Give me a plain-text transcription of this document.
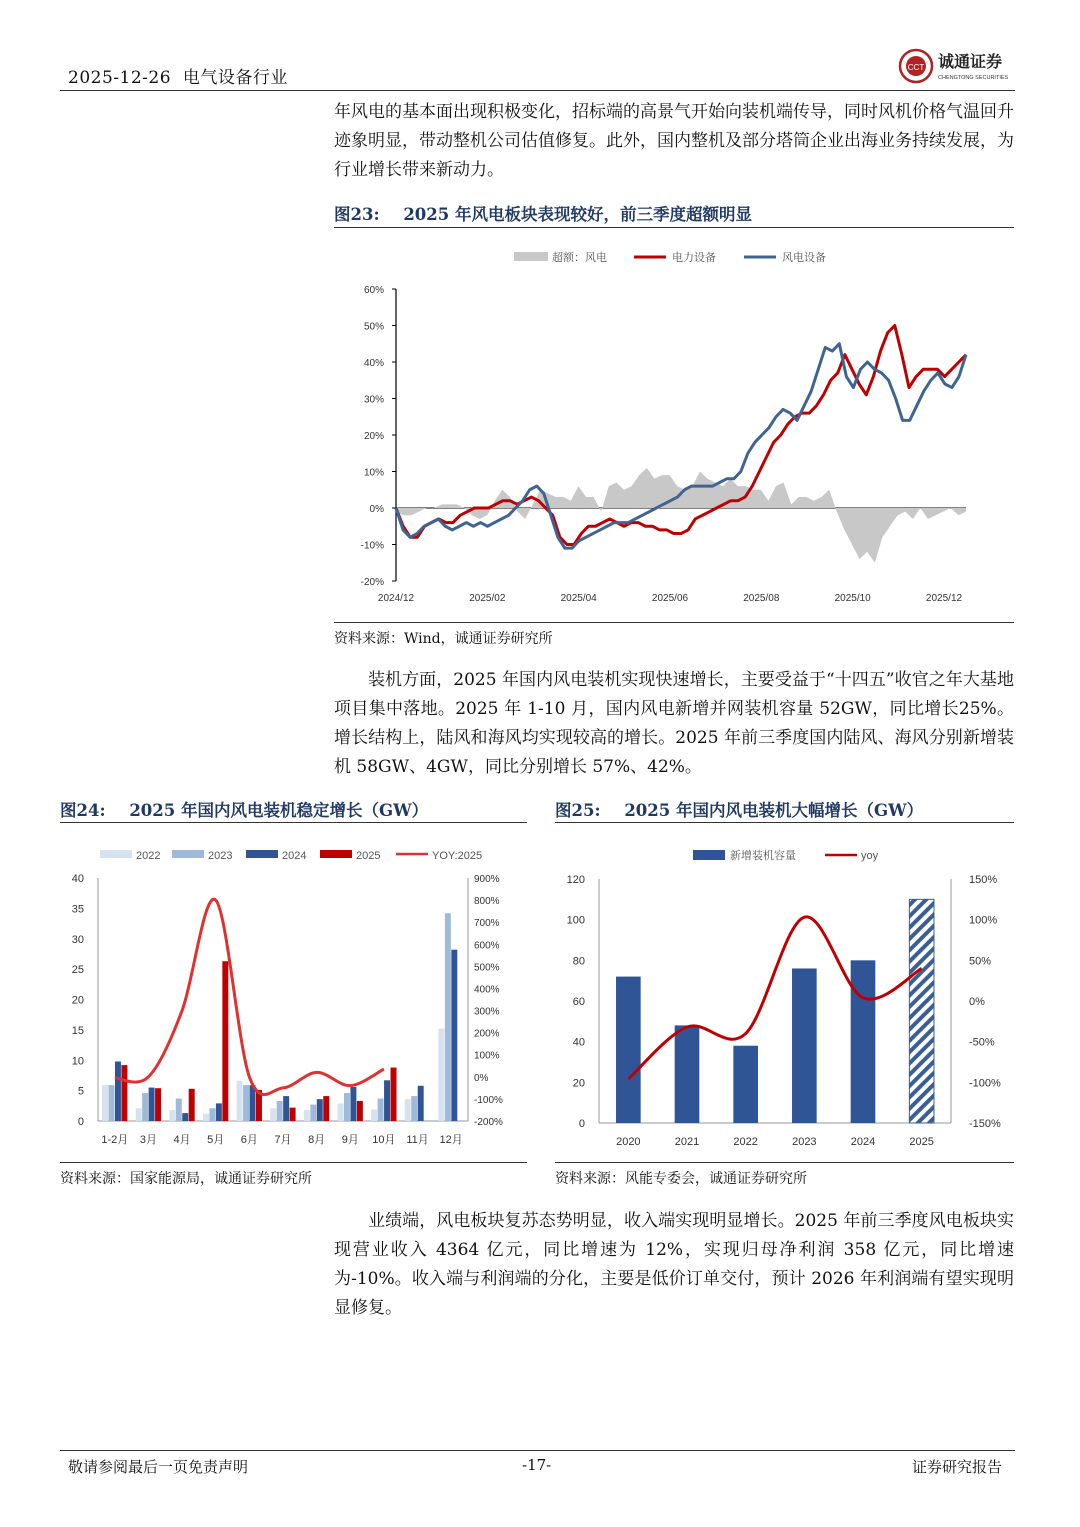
2025-12-26 电气设备行业
CCT 诚通证券
CHENGTONG SECURITIES
年风电的基本面出现积极变化，招标端的高景气开始向装机端传导，同时风机价格气温回升迹象明显，带动整机公司估值修复。此外，国内整机及部分塔筒企业出海业务持续发展，为行业增长带来新动力。
图23: 2025 年风电板块表现较好，前三季度超额明显
60%
50%
40%
30%
20%
10%
0%
-10%
-20%
2024/12	2025/02	2025/04	2025/06	2025/08	2025/10	2025/12
超额：风电	电力设备	风电设备
资料来源：Wind，诚通证券研究所
装机方面，2025 年国内风电装机实现快速增长，主要受益于“十四五”收官之年大基地项目集中落地。2025 年 1-10 月，国内风电新增并网装机容量 52GW，同比增长25%。增长结构上，陆风和海风均实现较高的增长。2025 年前三季度国内陆风、海风分别新增装机 58GW、4GW，同比分别增长 57%、42%。
图24: 2025 年国内风电装机稳定增长（GW）
40
35
30
25
20
15
10
5
0
900%
800%
700%
600%
500%
400%
300%
200%
100%
0%
-100%
-200%
1-2月 3月 4月 5月 6月 7月 8月 9月 10月 11月 12月
2022	2023	2024	2025	YOY:2025
资料来源：国家能源局，诚通证券研究所
图25: 2025 年国内风电装机大幅增长（GW）
120
100
80
60
40
20
0
150%
100%
50%
0%
-50%
-100%
-150%
2020	2021	2022	2023	2024	2025
新增装机容量	yoy
资料来源：风能专委会，诚通证券研究所
业绩端，风电板块复苏态势明显，收入端实现明显增长。2025 年前三季度风电板块实现营业收入 4364 亿元，同比增速为 12%，实现归母净利润 358 亿元，同比增速为-10%。收入端与利润端的分化，主要是低价订单交付，预计 2026 年利润端有望实现明显修复。
敬请参阅最后一页免责声明	-17-	证券研究报告
